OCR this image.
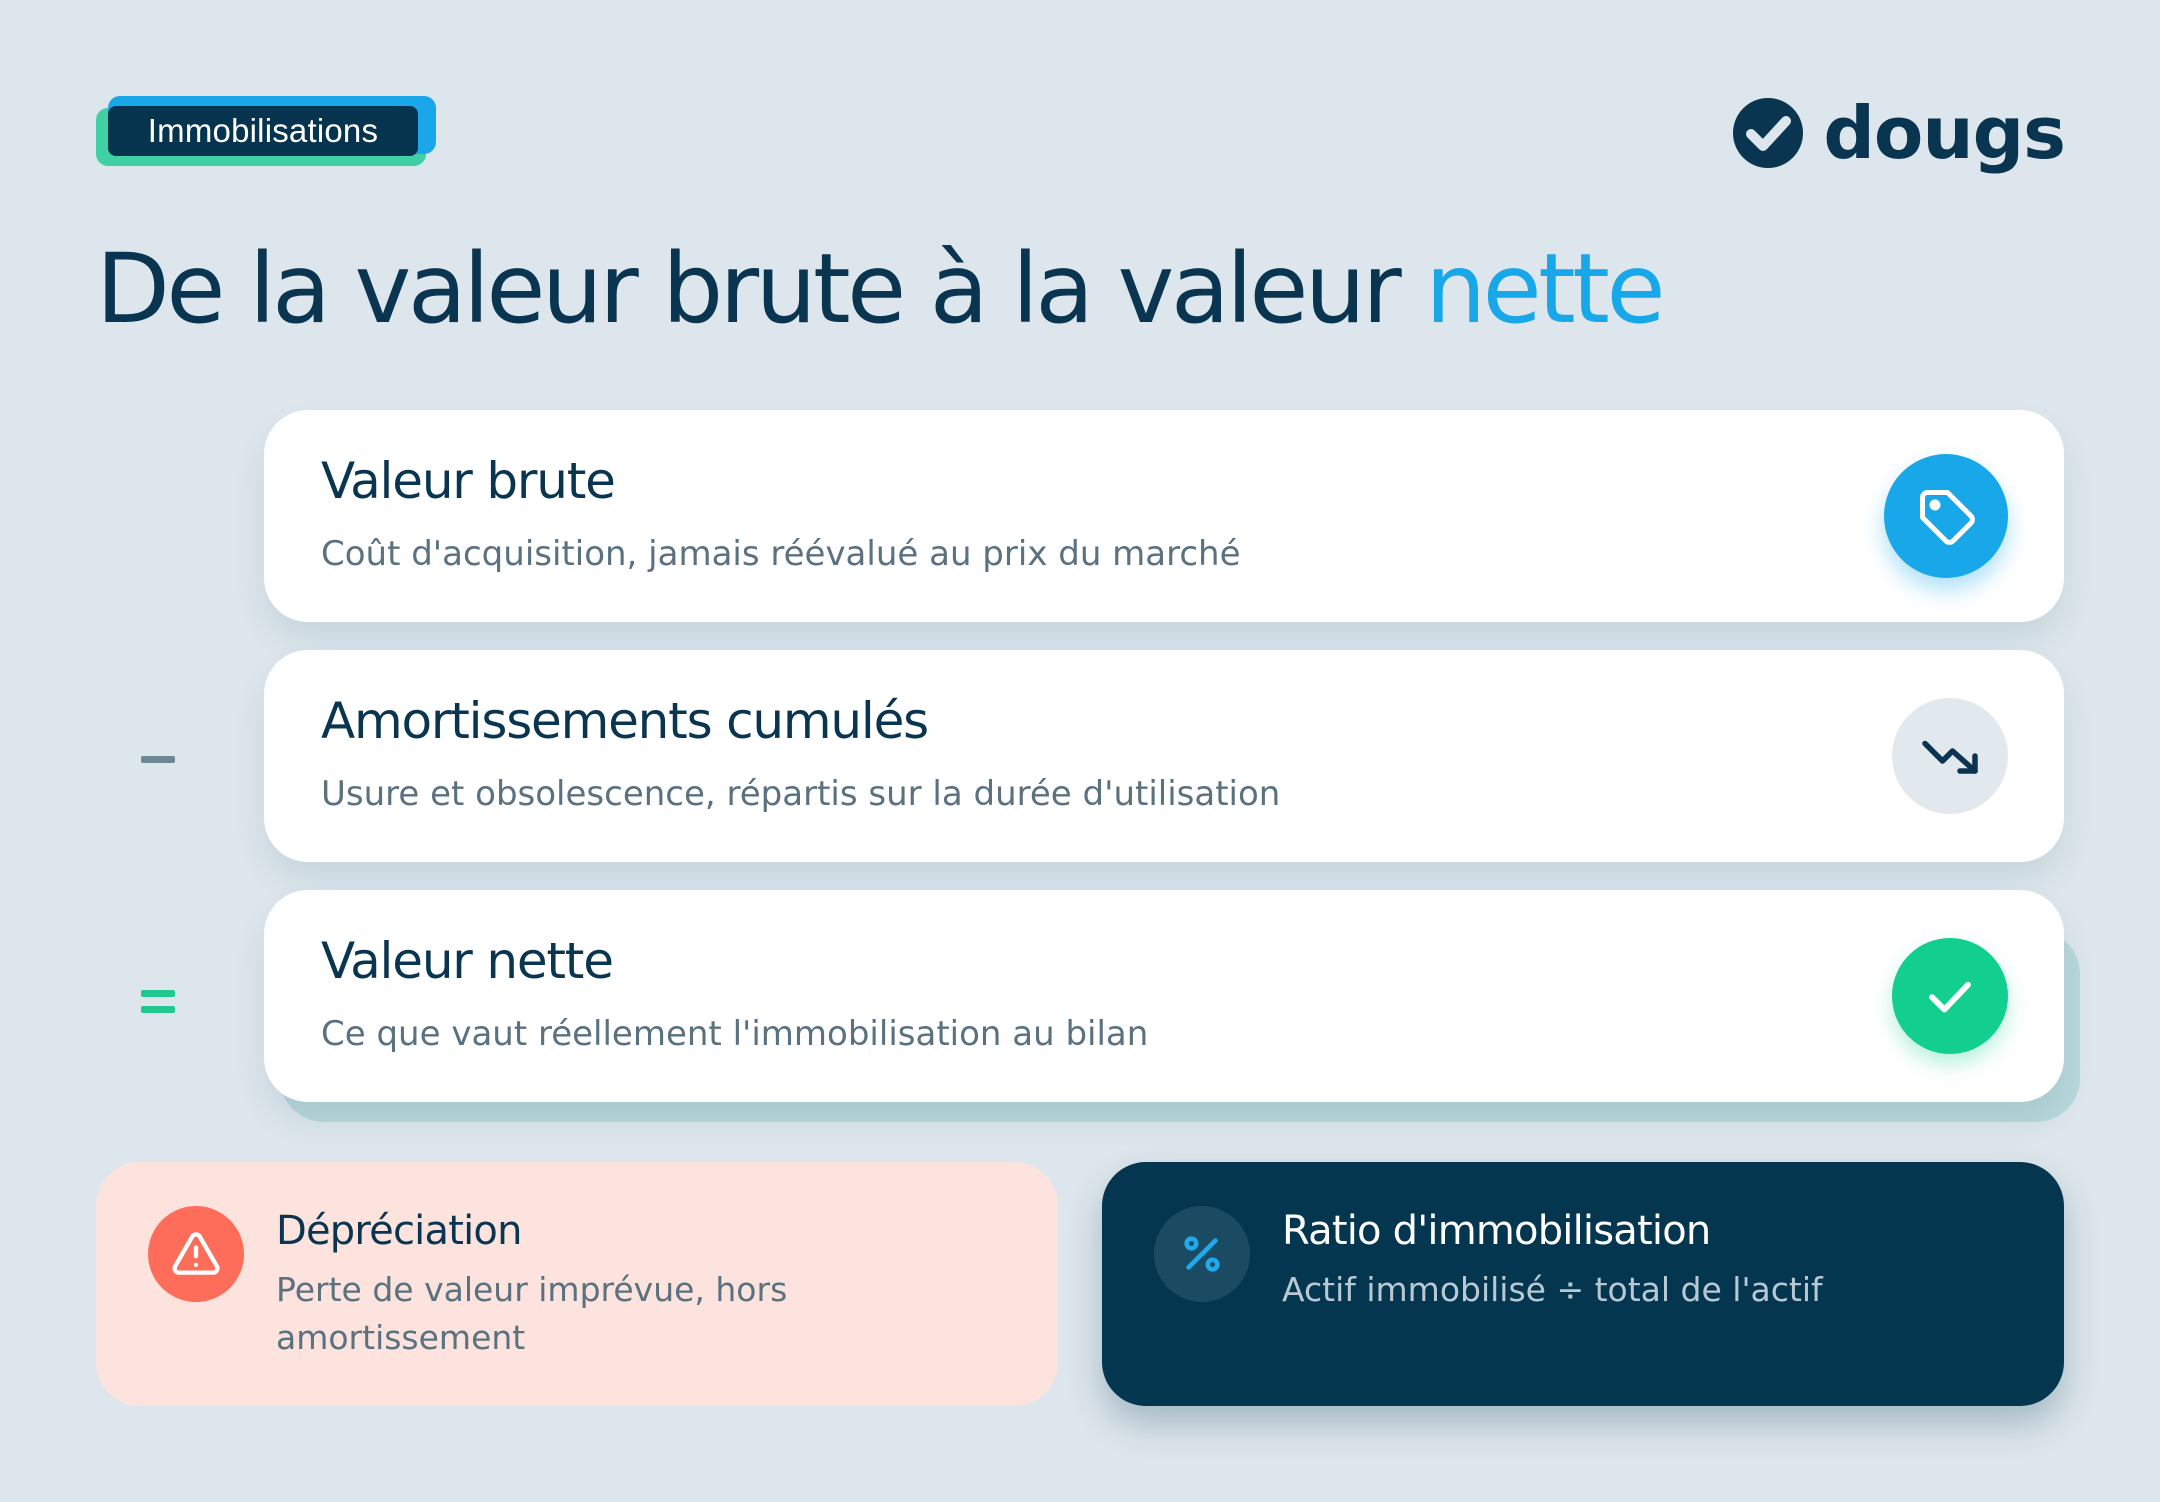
Immobilisations	dougs
De la valeur brute à la valeur nette
Valeur brute
Coût d'acquisition, jamais réévalué au prix du marché
Amortissements cumulés
Usure et obsolescence, répartis sur la durée d'utilisation
Valeur nette
Ce que vaut réellement l'immobilisation au bilan
Dépréciation
Perte de valeur imprévue, hors amortissement
Ratio d'immobilisation
Actif immobilisé ÷ total de l'actif
